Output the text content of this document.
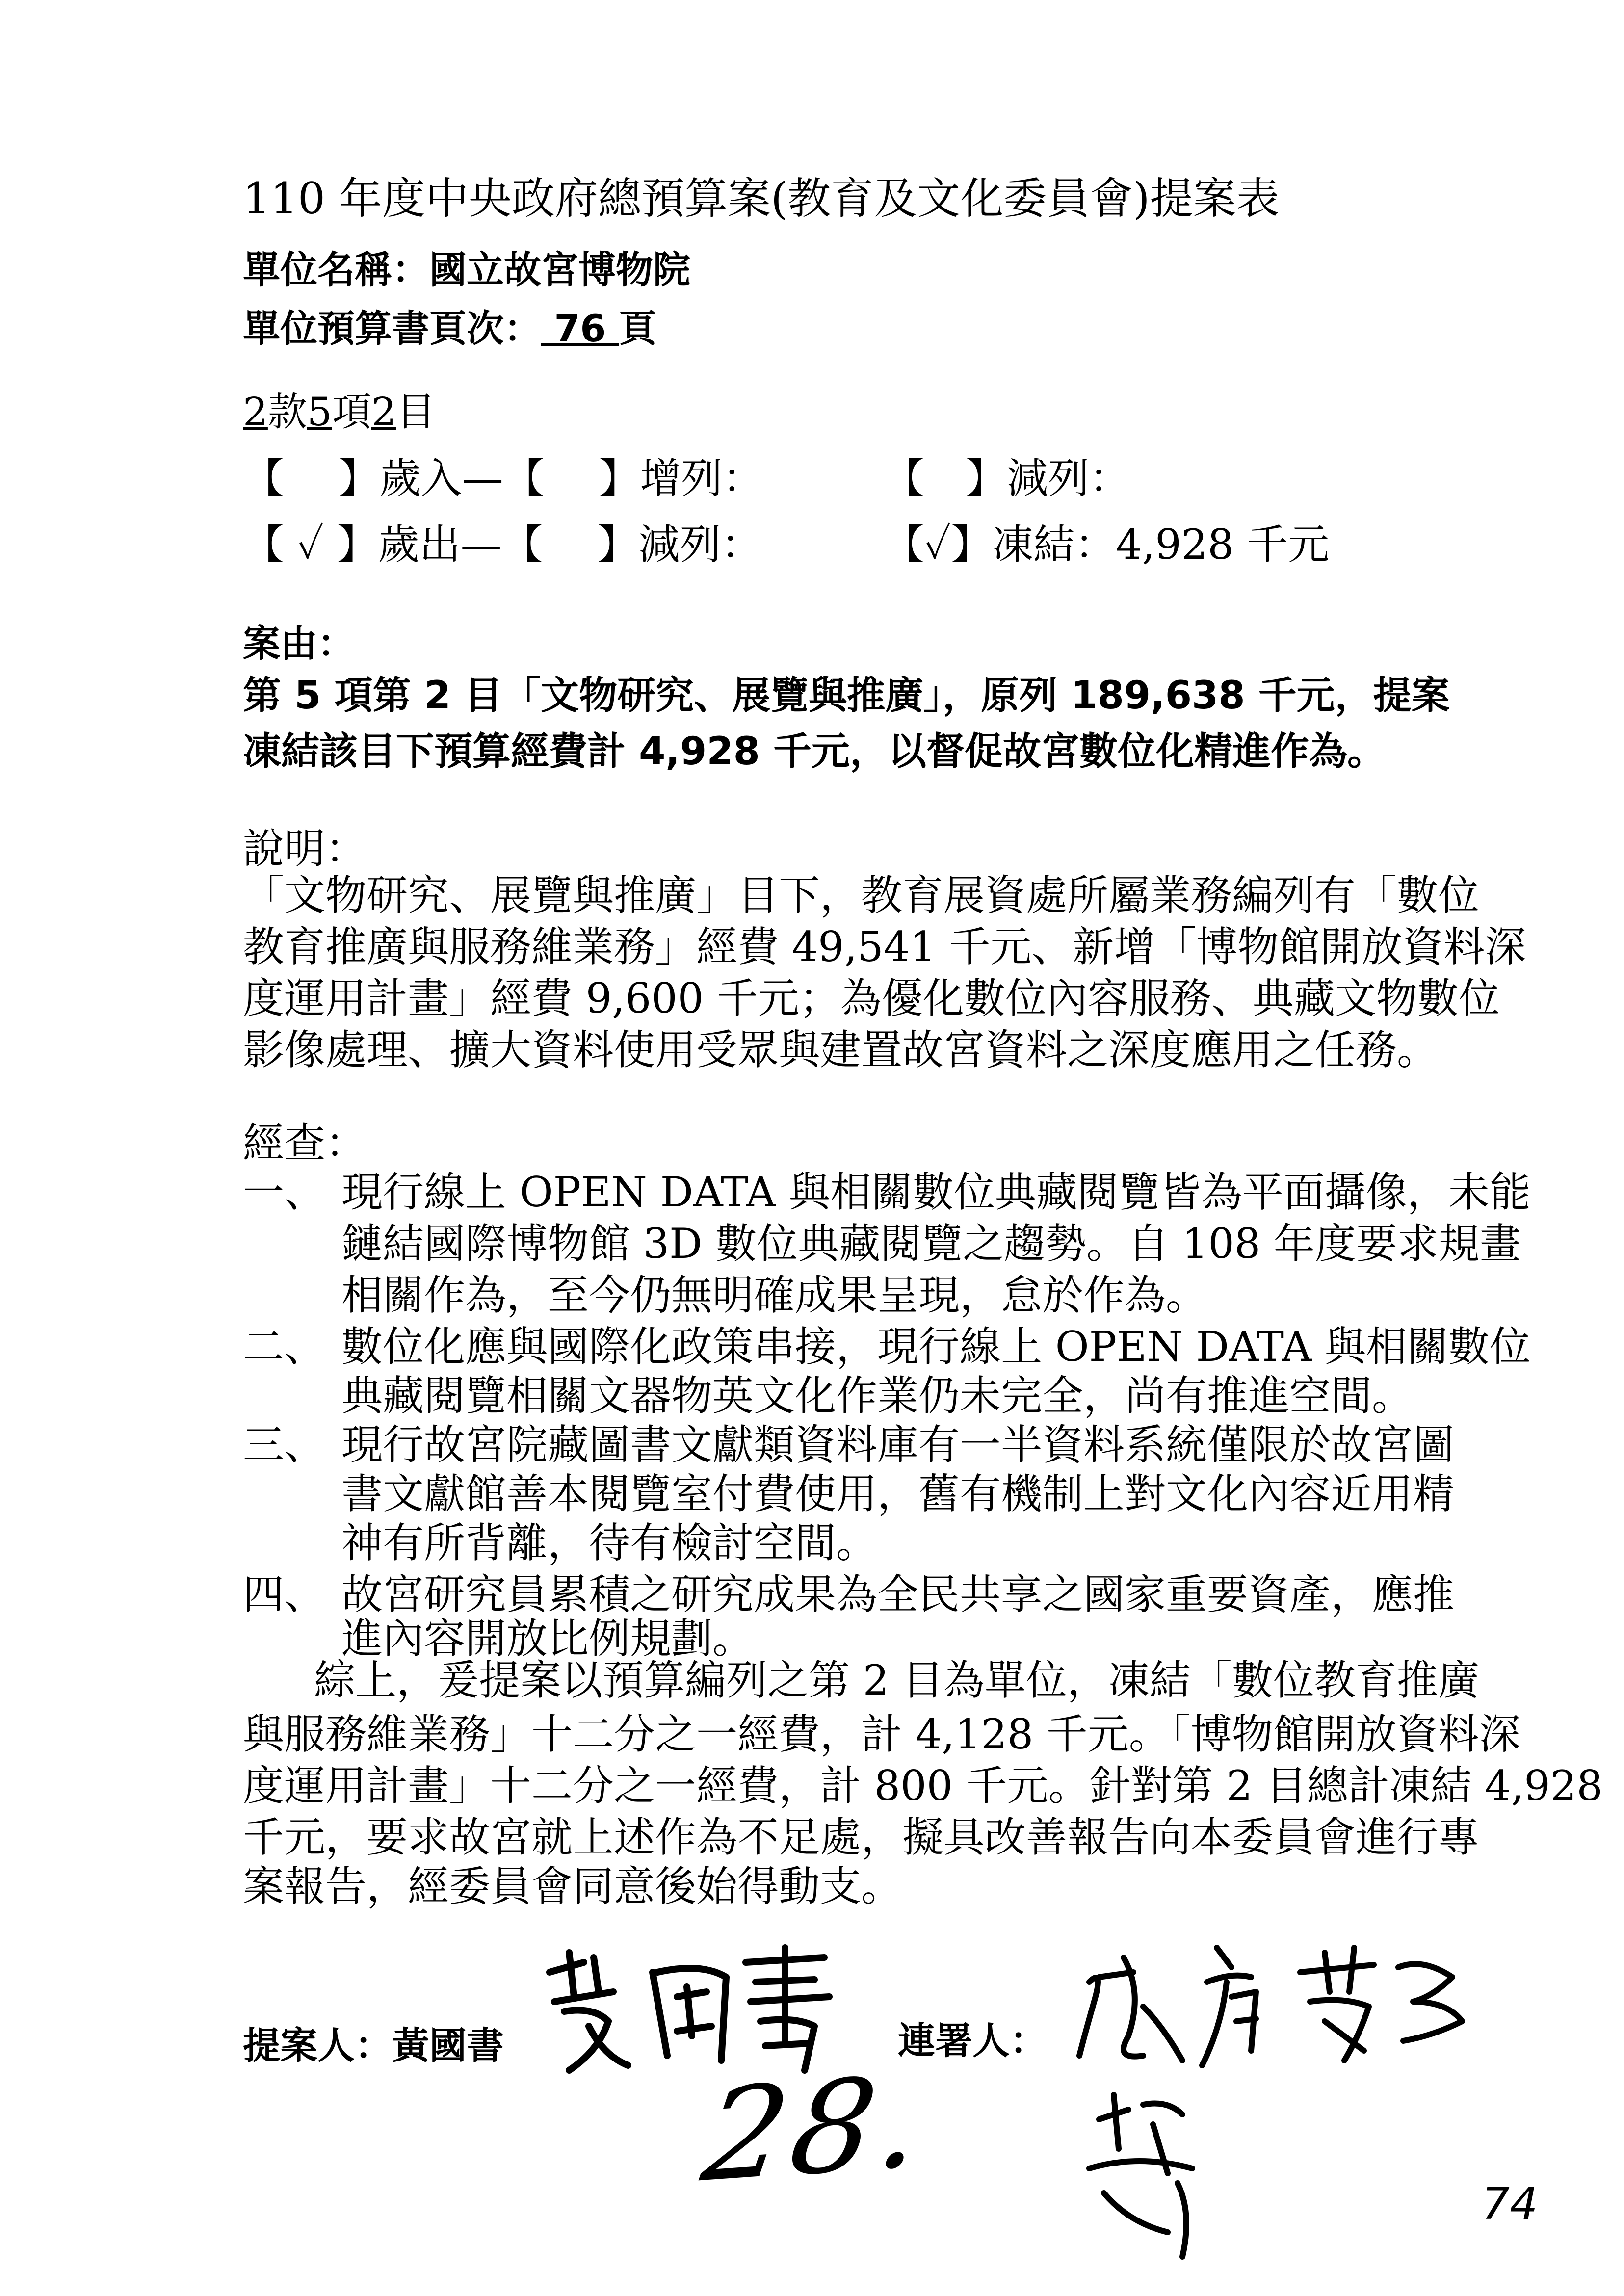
110 年度中央政府總預算案(教育及文化委員會)提案表
單位名稱：國立故宮博物院
單位預算書頁次： 76 頁
2款5項2目
【　 】歲入—【　 】增列：	【　】減列：
【 ✓ 】歲出—【　 】減列：	【✓】凍結：4,928 千元
案由：
第 5 項第 2 目「文物研究、展覽與推廣」，原列 189,638 千元，提案
凍結該目下預算經費計 4,928 千元，以督促故宮數位化精進作為。
說明：
「文物研究、展覽與推廣」目下，教育展資處所屬業務編列有「數位
教育推廣與服務維業務」經費 49,541 千元、新增「博物館開放資料深
度運用計畫」經費 9,600 千元；為優化數位內容服務、典藏文物數位
影像處理、擴大資料使用受眾與建置故宮資料之深度應用之任務。
經查：
一、 現行線上 OPEN DATA 與相關數位典藏閱覽皆為平面攝像，未能
鏈結國際博物館 3D 數位典藏閱覽之趨勢。自 108 年度要求規畫
相關作為，至今仍無明確成果呈現，怠於作為。
二、 數位化應與國際化政策串接，現行線上 OPEN DATA 與相關數位
典藏閱覽相關文器物英文化作業仍未完全，尚有推進空間。
三、 現行故宮院藏圖書文獻類資料庫有一半資料系統僅限於故宮圖
書文獻館善本閱覽室付費使用，舊有機制上對文化內容近用精
神有所背離，待有檢討空間。
四、 故宮研究員累積之研究成果為全民共享之國家重要資產，應推
進內容開放比例規劃。
綜上，爰提案以預算編列之第 2 目為單位，凍結「數位教育推廣
與服務維業務」十二分之一經費，計 4,128 千元。「博物館開放資料深
度運用計畫」十二分之一經費，計 800 千元。針對第 2 目總計凍結 4,928
千元，要求故宮就上述作為不足處，擬具改善報告向本委員會進行專
案報告，經委員會同意後始得動支。
提案人：黃國書	連署人：
28.	74
